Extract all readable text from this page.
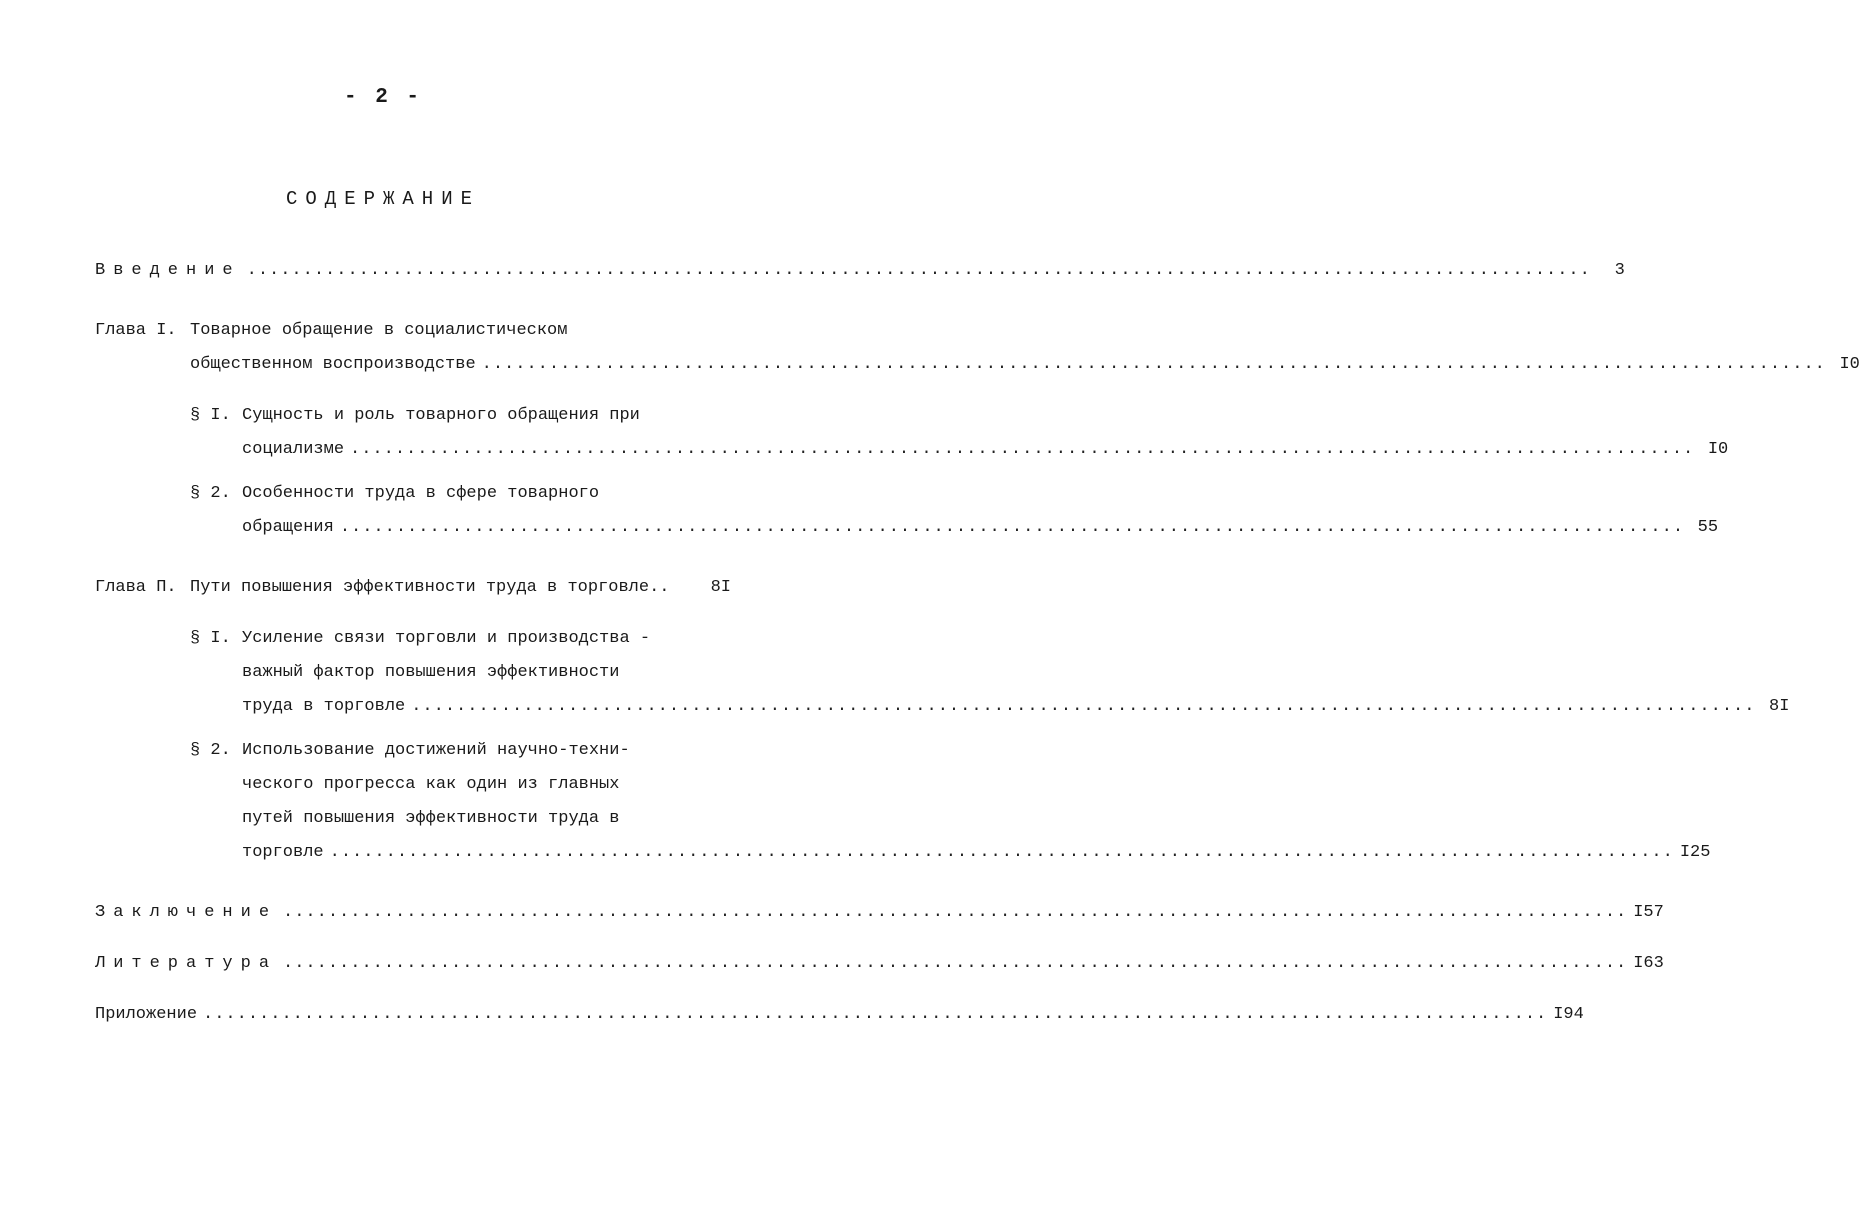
- 2 -
СОДЕРЖАНИЕ
Введение ........................................................................................................................	3
Глава I. Товарное обращение в социалистическом
общественном воспроизводстве ........................................................................................................................ I0
§ I. Сущность и роль товарного обращения при
социализме ........................................................................................................................ I0
§ 2. Особенности труда в сфере товарного
обращения ........................................................................................................................ 55
Глава П. Пути повышения эффективности труда в торговле..	8I
§ I. Усиление связи торговли и производства -
важный фактор повышения эффективности
труда в торговле ........................................................................................................................ 8I
§ 2. Использование достижений научно-техни-
ческого прогресса как один из главных
путей повышения эффективности труда в
торговле ........................................................................................................................ I25
Заключение ........................................................................................................................ I57
Литература ........................................................................................................................ I63
Приложение ........................................................................................................................ I94
